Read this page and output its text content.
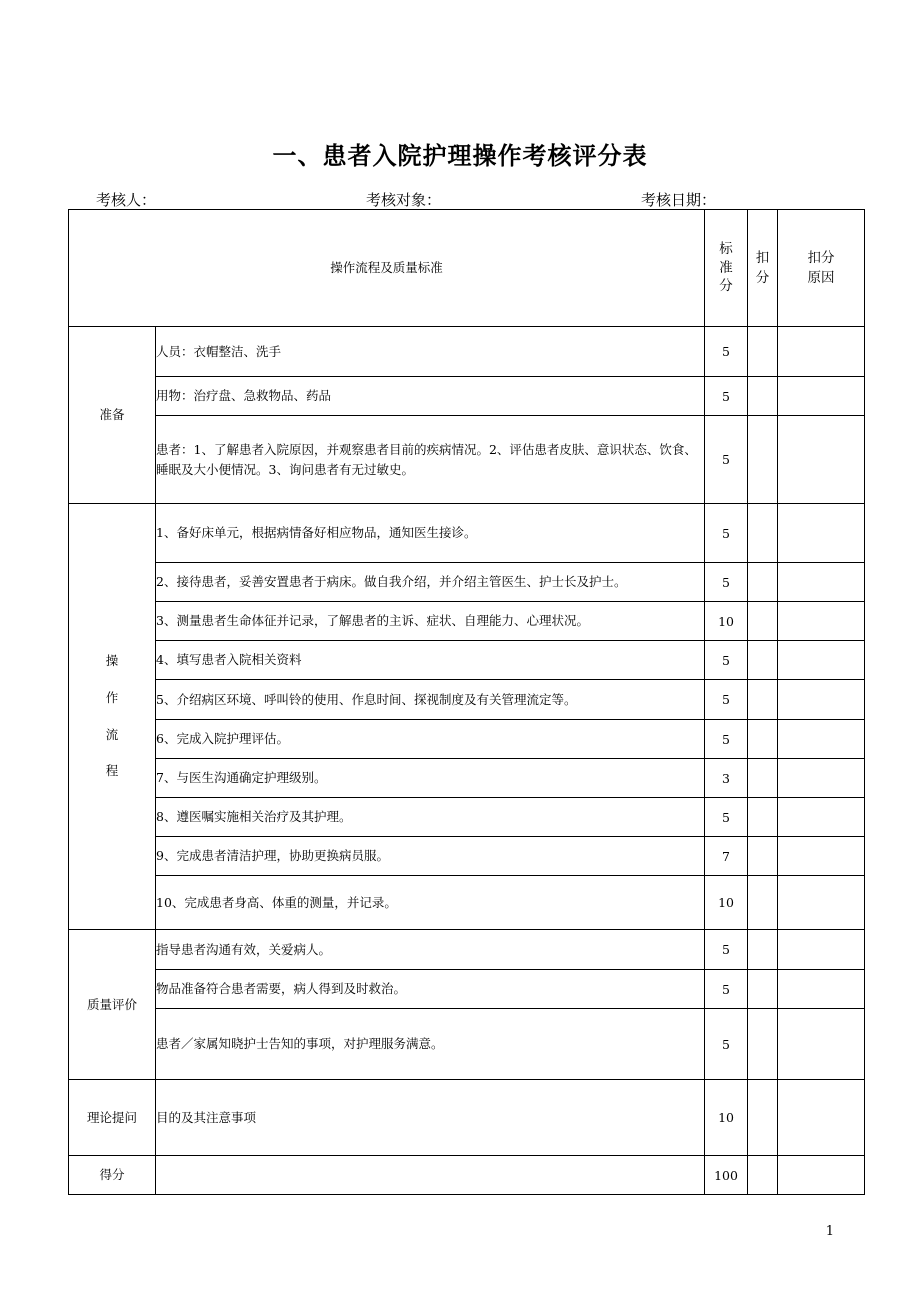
一、患者入院护理操作考核评分表
考核人：	考核对象：	考核日期：
操作流程及质量标准		标准分	扣分	扣分原因

准备	人员：衣帽整洁、洗手	5		
	用物：治疗盘、急救物品、药品	5		
	患者：1、了解患者入院原因，并观察患者目前的疾病情况。2、评估患者皮肤、意识状态、饮食、睡眠及大小便情况。3、询问患者有无过敏史。	5		

操作流程	1、备好床单元，根据病情备好相应物品，通知医生接诊。	5		
	2、接待患者，妥善安置患者于病床。做自我介绍，并介绍主管医生、护士长及护士。	5		
	3、测量患者生命体征并记录，了解患者的主诉、症状、自理能力、心理状况。	10		
	4、填写患者入院相关资料	5		
	5、介绍病区环境、呼叫铃的使用、作息时间、探视制度及有关管理流定等。	5		
	6、完成入院护理评估。	5		
	7、与医生沟通确定护理级别。	3		
	8、遵医嘱实施相关治疗及其护理。	5		
	9、完成患者清洁护理，协助更换病员服。	7		
	10、完成患者身高、体重的测量，并记录。	10		
质量评价	指导患者沟通有效，关爱病人。	5		
	物品准备符合患者需要，病人得到及时救治。	5		
	患者／家属知晓护士告知的事项，对护理服务满意。	5		
理论提问	目的及其注意事项	10		
得分		100		
1
